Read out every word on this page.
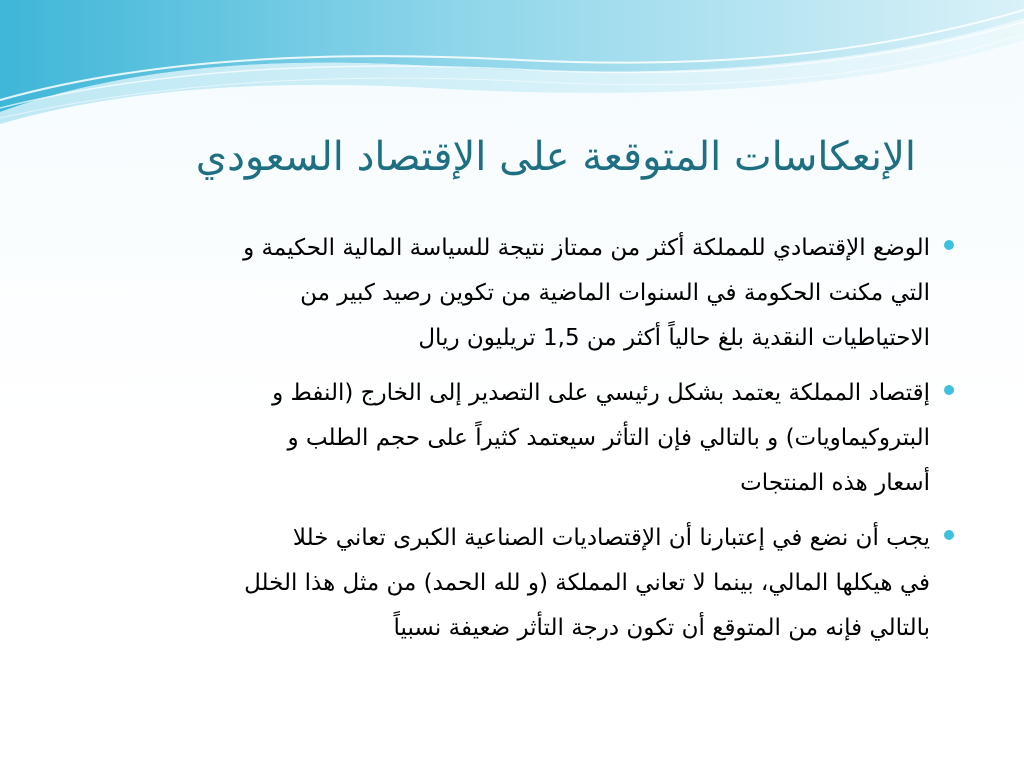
الإنعكاسات المتوقعة على الإقتصاد السعودي
الوضع الإقتصادي للمملكة أكثر من ممتاز نتيجة للسياسة المالية الحكيمة و
التي مكنت الحكومة في السنوات الماضية من تكوين رصيد كبير من
الاحتياطيات النقدية بلغ حالياً أكثر من 1,5 تريليون ريال
إقتصاد المملكة يعتمد بشكل رئيسي على التصدير إلى الخارج (النفط و
البتروكيماويات) و بالتالي فإن التأثر سيعتمد كثيراً على حجم الطلب و
أسعار هذه المنتجات
يجب أن نضع في إعتبارنا أن الإقتصاديات الصناعية الكبرى تعاني خللا
في هيكلها المالي، بينما لا تعاني المملكة (و لله الحمد) من مثل هذا الخلل
بالتالي فإنه من المتوقع أن تكون درجة التأثر ضعيفة نسبياً
